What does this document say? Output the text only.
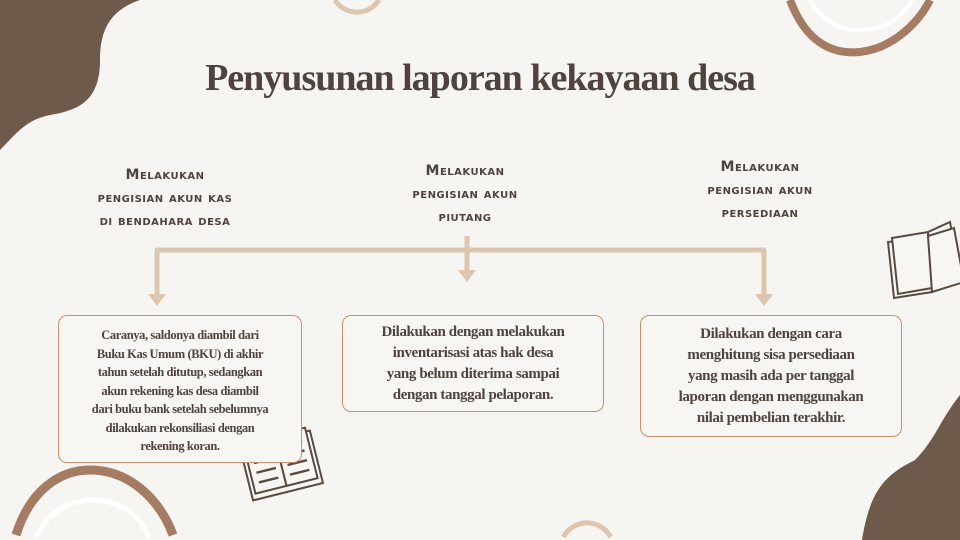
Penyusunan laporan kekayaan desa
Melakukan
pengisian akun kas
di bendahara desa
Melakukan
pengisian akun
piutang
Melakukan
pengisian akun
persediaan
Caranya, saldonya diambil dari
Buku Kas Umum (BKU) di akhir
tahun setelah ditutup, sedangkan
akun rekening kas desa diambil
dari buku bank setelah sebelumnya
dilakukan rekonsiliasi dengan
rekening koran.
Dilakukan dengan melakukan
inventarisasi atas hak desa
yang belum diterima sampai
dengan tanggal pelaporan.
Dilakukan dengan cara
menghitung sisa persediaan
yang masih ada per tanggal
laporan dengan menggunakan
nilai pembelian terakhir.
